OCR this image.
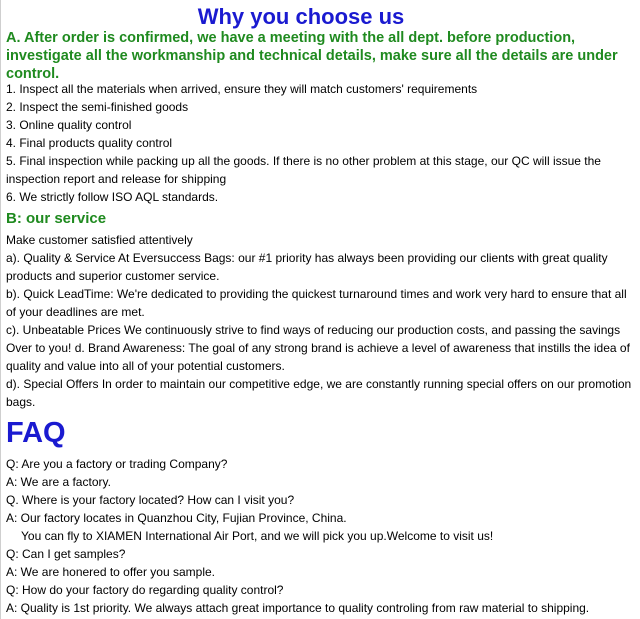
Why you choose us

A. After order is confirmed, we have a meeting with the all dept. before production, investigate all the workmanship and technical details, make sure all the details are under control.

1. Inspect all the materials when arrived, ensure they will match customers' requirements

2. Inspect the semi-finished goods

3. Online quality control

4. Final products quality control

5. Final inspection while packing up all the goods. If there is no other problem at this stage, our QC will issue the inspection report and release for shipping

6. We strictly follow ISO AQL standards.

B: our service

Make customer satisfied attentively

a). Quality & Service At Eversuccess Bags: our #1 priority has always been providing our clients with great quality products and superior customer service.

b). Quick LeadTime: We're dedicated to providing the quickest turnaround times and work very hard to ensure that all of your deadlines are met.

c). Unbeatable Prices We continuously strive to find ways of reducing our production costs, and passing the savings Over to you! d. Brand Awareness: The goal of any strong brand is achieve a level of awareness that instills the idea of quality and value into all of your potential customers.

d). Special Offers In order to maintain our competitive edge, we are constantly running special offers on our promotion bags.

FAQ

Q: Are you a factory or trading Company?

A: We are a factory.

Q. Where is your factory located? How can I visit you?

A: Our factory locates in Quanzhou City, Fujian Province, China.

You can fly to XIAMEN International Air Port, and we will pick you up.Welcome to visit us!

Q: Can I get samples?

A: We are honered to offer you sample.

Q: How do your factory do regarding quality control?

A: Quality is 1st priority. We always attach great importance to quality controling from raw material to shipping.
